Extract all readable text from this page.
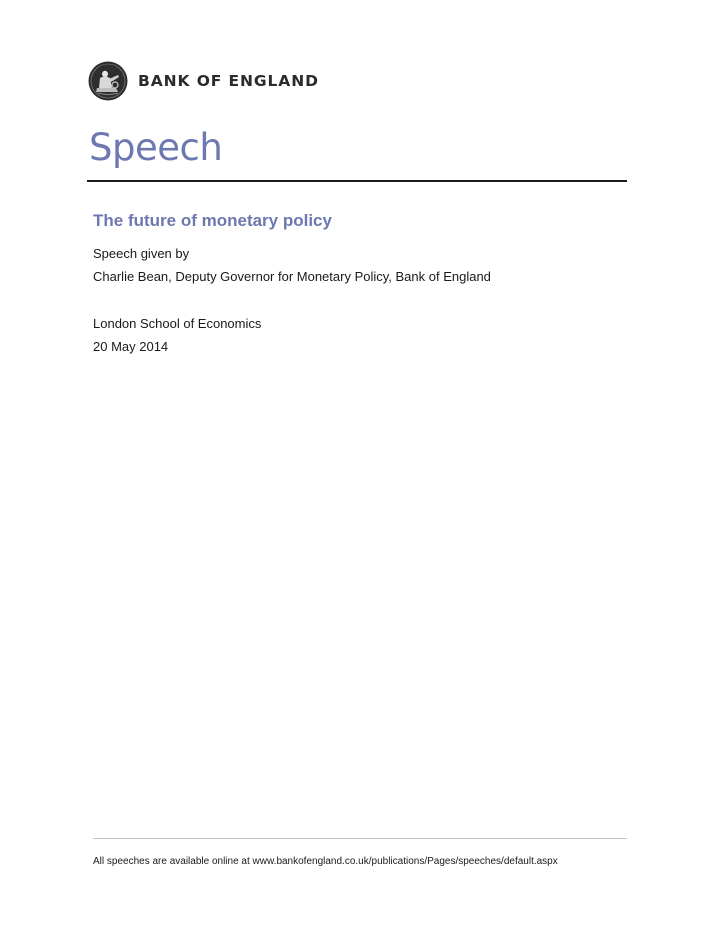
BANK OF ENGLAND
Speech
The future of monetary policy
Speech given by
Charlie Bean, Deputy Governor for Monetary Policy, Bank of England
London School of Economics
20 May 2014
All speeches are available online at www.bankofengland.co.uk/publications/Pages/speeches/default.aspx
